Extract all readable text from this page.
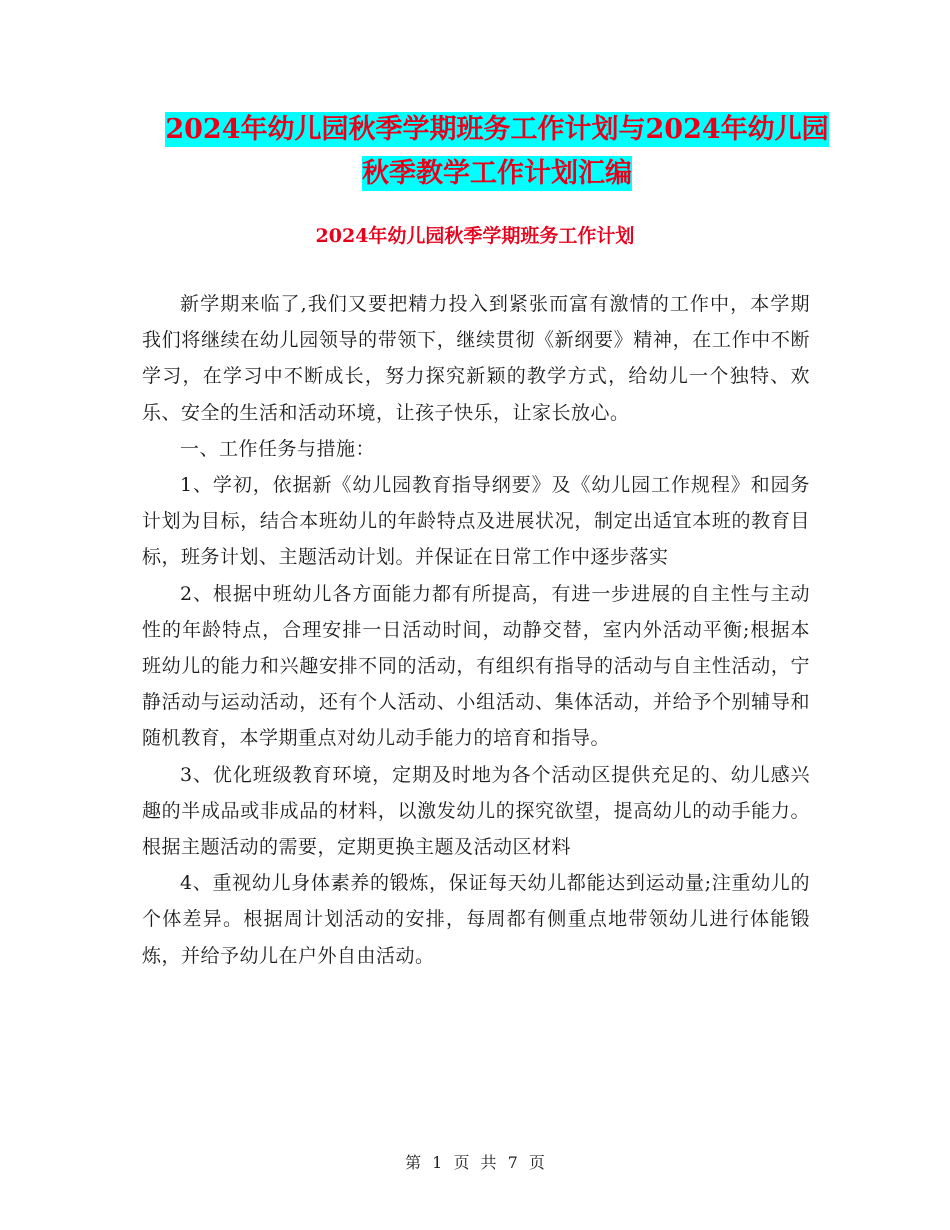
2024年幼儿园秋季学期班务工作计划与2024年幼儿园
秋季教学工作计划汇编
2024年幼儿园秋季学期班务工作计划

新学期来临了,我们又要把精力投入到紧张而富有激情的工作中，本学期我们将继续在幼儿园领导的带领下，继续贯彻《新纲要》精神，在工作中不断学习，在学习中不断成长，努力探究新颖的教学方式，给幼儿一个独特、欢乐、安全的生活和活动环境，让孩子快乐，让家长放心。

一、工作任务与措施：

1、学初，依据新《幼儿园教育指导纲要》及《幼儿园工作规程》和园务计划为目标，结合本班幼儿的年龄特点及进展状况，制定出适宜本班的教育目标，班务计划、主题活动计划。并保证在日常工作中逐步落实

2、根据中班幼儿各方面能力都有所提高，有进一步进展的自主性与主动性的年龄特点，合理安排一日活动时间，动静交替，室内外活动平衡;根据本班幼儿的能力和兴趣安排不同的活动，有组织有指导的活动与自主性活动，宁静活动与运动活动，还有个人活动、小组活动、集体活动，并给予个别辅导和随机教育，本学期重点对幼儿动手能力的培育和指导。

3、优化班级教育环境，定期及时地为各个活动区提供充足的、幼儿感兴趣的半成品或非成品的材料，以激发幼儿的探究欲望，提高幼儿的动手能力。根据主题活动的需要，定期更换主题及活动区材料

4、重视幼儿身体素养的锻炼，保证每天幼儿都能达到运动量;注重幼儿的个体差异。根据周计划活动的安排，每周都有侧重点地带领幼儿进行体能锻炼，并给予幼儿在户外自由活动。

第 1 页 共 7 页
